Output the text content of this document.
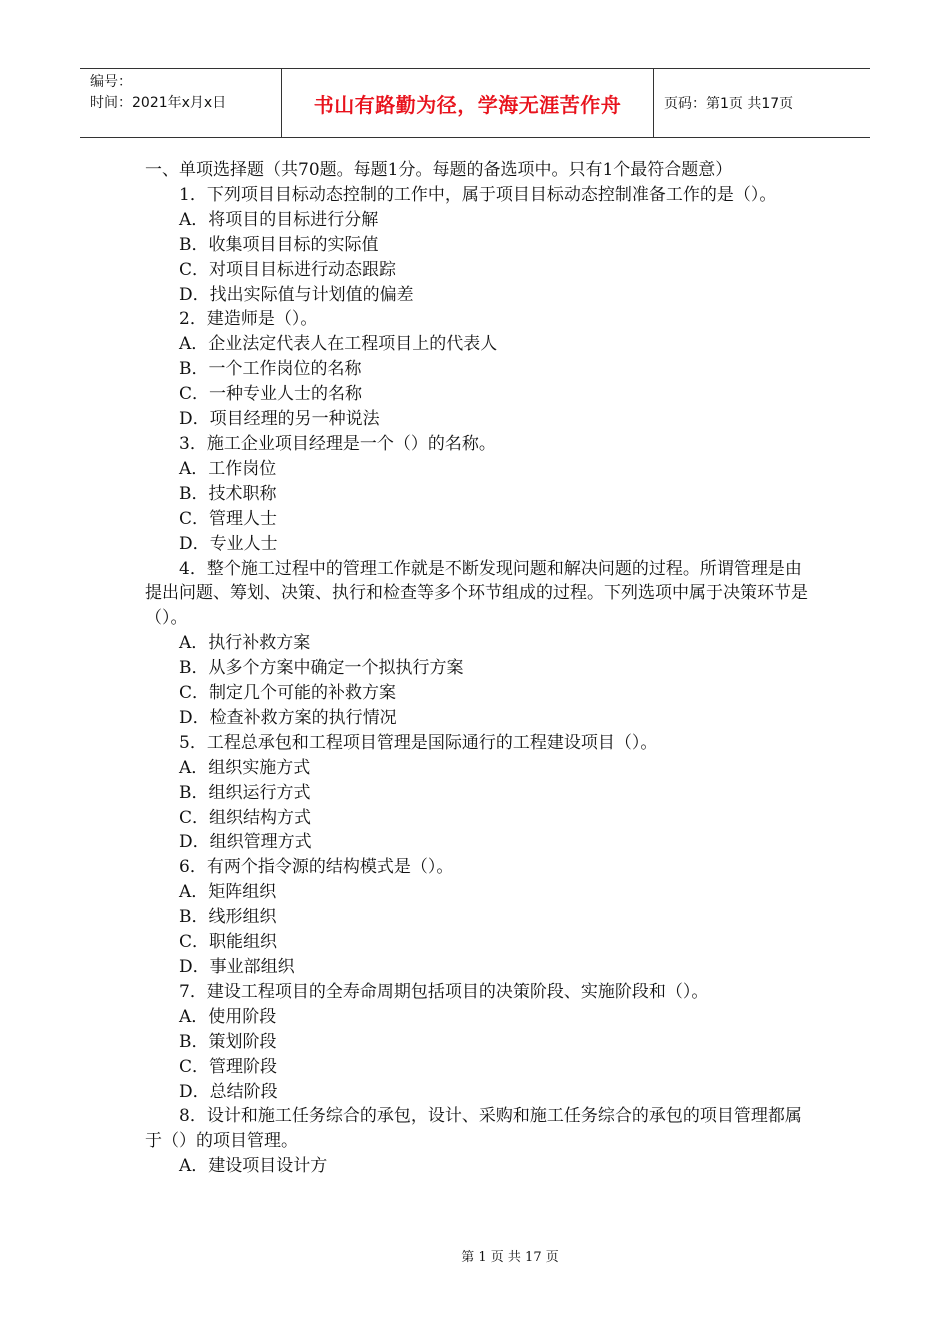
编号：
时间：2021年x月x日	书山有路勤为径，学海无涯苦作舟	页码：第1页 共17页

一、单项选择题（共70题。每题1分。每题的备选项中。只有1个最符合题意）

1．下列项目目标动态控制的工作中，属于项目目标动态控制准备工作的是（）。

A．将项目的目标进行分解

B．收集项目目标的实际值

C．对项目目标进行动态跟踪

D．找出实际值与计划值的偏差

2．建造师是（）。

A．企业法定代表人在工程项目上的代表人

B．一个工作岗位的名称

C．一种专业人士的名称

D．项目经理的另一种说法

3．施工企业项目经理是一个（）的名称。

A．工作岗位

B．技术职称

C．管理人士

D．专业人士

4．整个施工过程中的管理工作就是不断发现问题和解决问题的过程。所谓管理是由提出问题、筹划、决策、执行和检查等多个环节组成的过程。下列选项中属于决策环节是（）。

A．执行补救方案

B．从多个方案中确定一个拟执行方案

C．制定几个可能的补救方案

D．检查补救方案的执行情况

5．工程总承包和工程项目管理是国际通行的工程建设项目（）。

A．组织实施方式

B．组织运行方式

C．组织结构方式

D．组织管理方式

6．有两个指令源的结构模式是（）。

A．矩阵组织

B．线形组织

C．职能组织

D．事业部组织

7．建设工程项目的全寿命周期包括项目的决策阶段、实施阶段和（）。

A．使用阶段

B．策划阶段

C．管理阶段

D．总结阶段

8．设计和施工任务综合的承包，设计、采购和施工任务综合的承包的项目管理都属于（）的项目管理。

A．建设项目设计方

第 1 页 共 17 页
